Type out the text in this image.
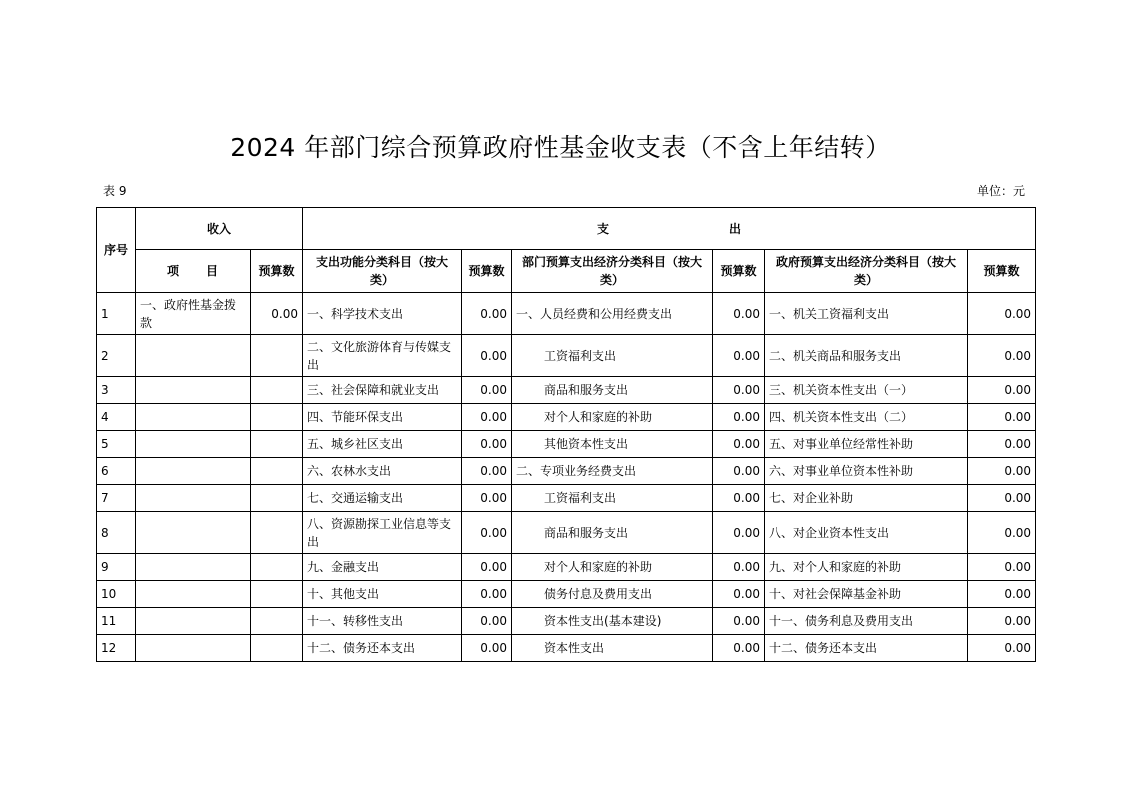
2024 年部门综合预算政府性基金收支表（不含上年结转）
表 9	单位：元
序号	收入		支　　　　　　　　　　出					
	项　　目	预算数	支出功能分类科目（按大类）	预算数	部门预算支出经济分类科目（按大类）	预算数	政府预算支出经济分类科目（按大类）	预算数
1	一、政府性基金拨款	0.00	一、科学技术支出	0.00	一、人员经费和公用经费支出	0.00	一、机关工资福利支出	0.00
2			二、文化旅游体育与传媒支出	0.00	工资福利支出	0.00	二、机关商品和服务支出	0.00
3			三、社会保障和就业支出	0.00	商品和服务支出	0.00	三、机关资本性支出（一）	0.00
4			四、节能环保支出	0.00	对个人和家庭的补助	0.00	四、机关资本性支出（二）	0.00
5			五、城乡社区支出	0.00	其他资本性支出	0.00	五、对事业单位经常性补助	0.00
6			六、农林水支出	0.00	二、专项业务经费支出	0.00	六、对事业单位资本性补助	0.00
7			七、交通运输支出	0.00	工资福利支出	0.00	七、对企业补助	0.00
8			八、资源勘探工业信息等支出	0.00	商品和服务支出	0.00	八、对企业资本性支出	0.00
9			九、金融支出	0.00	对个人和家庭的补助	0.00	九、对个人和家庭的补助	0.00
10			十、其他支出	0.00	债务付息及费用支出	0.00	十、对社会保障基金补助	0.00
11			十一、转移性支出	0.00	资本性支出(基本建设)	0.00	十一、债务利息及费用支出	0.00
12			十二、债务还本支出	0.00	资本性支出	0.00	十二、债务还本支出	0.00
